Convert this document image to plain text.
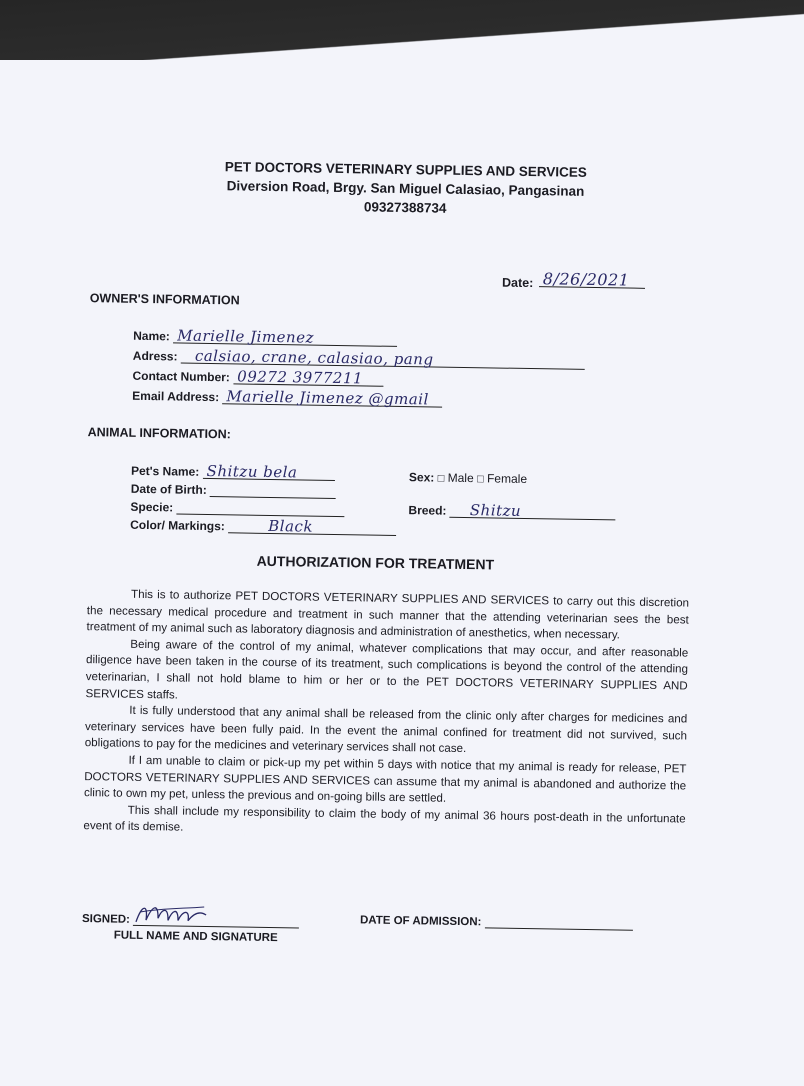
PET DOCTORS VETERINARY SUPPLIES AND SERVICES
Diversion Road, Brgy. San Miguel Calasiao, Pangasinan
09327388734
Date: 8/26/2021
OWNER'S INFORMATION
Name: Marielle Jimenez
Adress: calsiao, crane, calasiao, pang
Contact Number: 09272 3977211
Email Address: Marielle Jimenez @gmail
ANIMAL INFORMATION:
Pet's Name: Shitzu bela
Date of Birth:
Specie:
Color/ Markings:	Black
Sex: □ Male □ Female
Breed: Shitzu
AUTHORIZATION FOR TREATMENT

This is to authorize PET DOCTORS VETERINARY SUPPLIES AND SERVICES to carry out this discretion the necessary medical procedure and treatment in such manner that the attending veterinarian sees the best treatment of my animal such as laboratory diagnosis and administration of anesthetics, when necessary.

Being aware of the control of my animal, whatever complications that may occur, and after reasonable diligence have been taken in the course of its treatment, such complications is beyond the control of the attending veterinarian, I shall not hold blame to him or her or to the PET DOCTORS VETERINARY SUPPLIES AND SERVICES staffs.

It is fully understood that any animal shall be released from the clinic only after charges for medicines and veterinary services have been fully paid. In the event the animal confined for treatment did not survived, such obligations to pay for the medicines and veterinary services shall not case.

If I am unable to claim or pick-up my pet within 5 days with notice that my animal is ready for release, PET DOCTORS VETERINARY SUPPLIES AND SERVICES can assume that my animal is abandoned and authorize the clinic to own my pet, unless the previous and on-going bills are settled.

This shall include my responsibility to claim the body of my animal 36 hours post-death in the unfortunate event of its demise.

SIGNED:
FULL NAME AND SIGNATURE
DATE OF ADMISSION:
